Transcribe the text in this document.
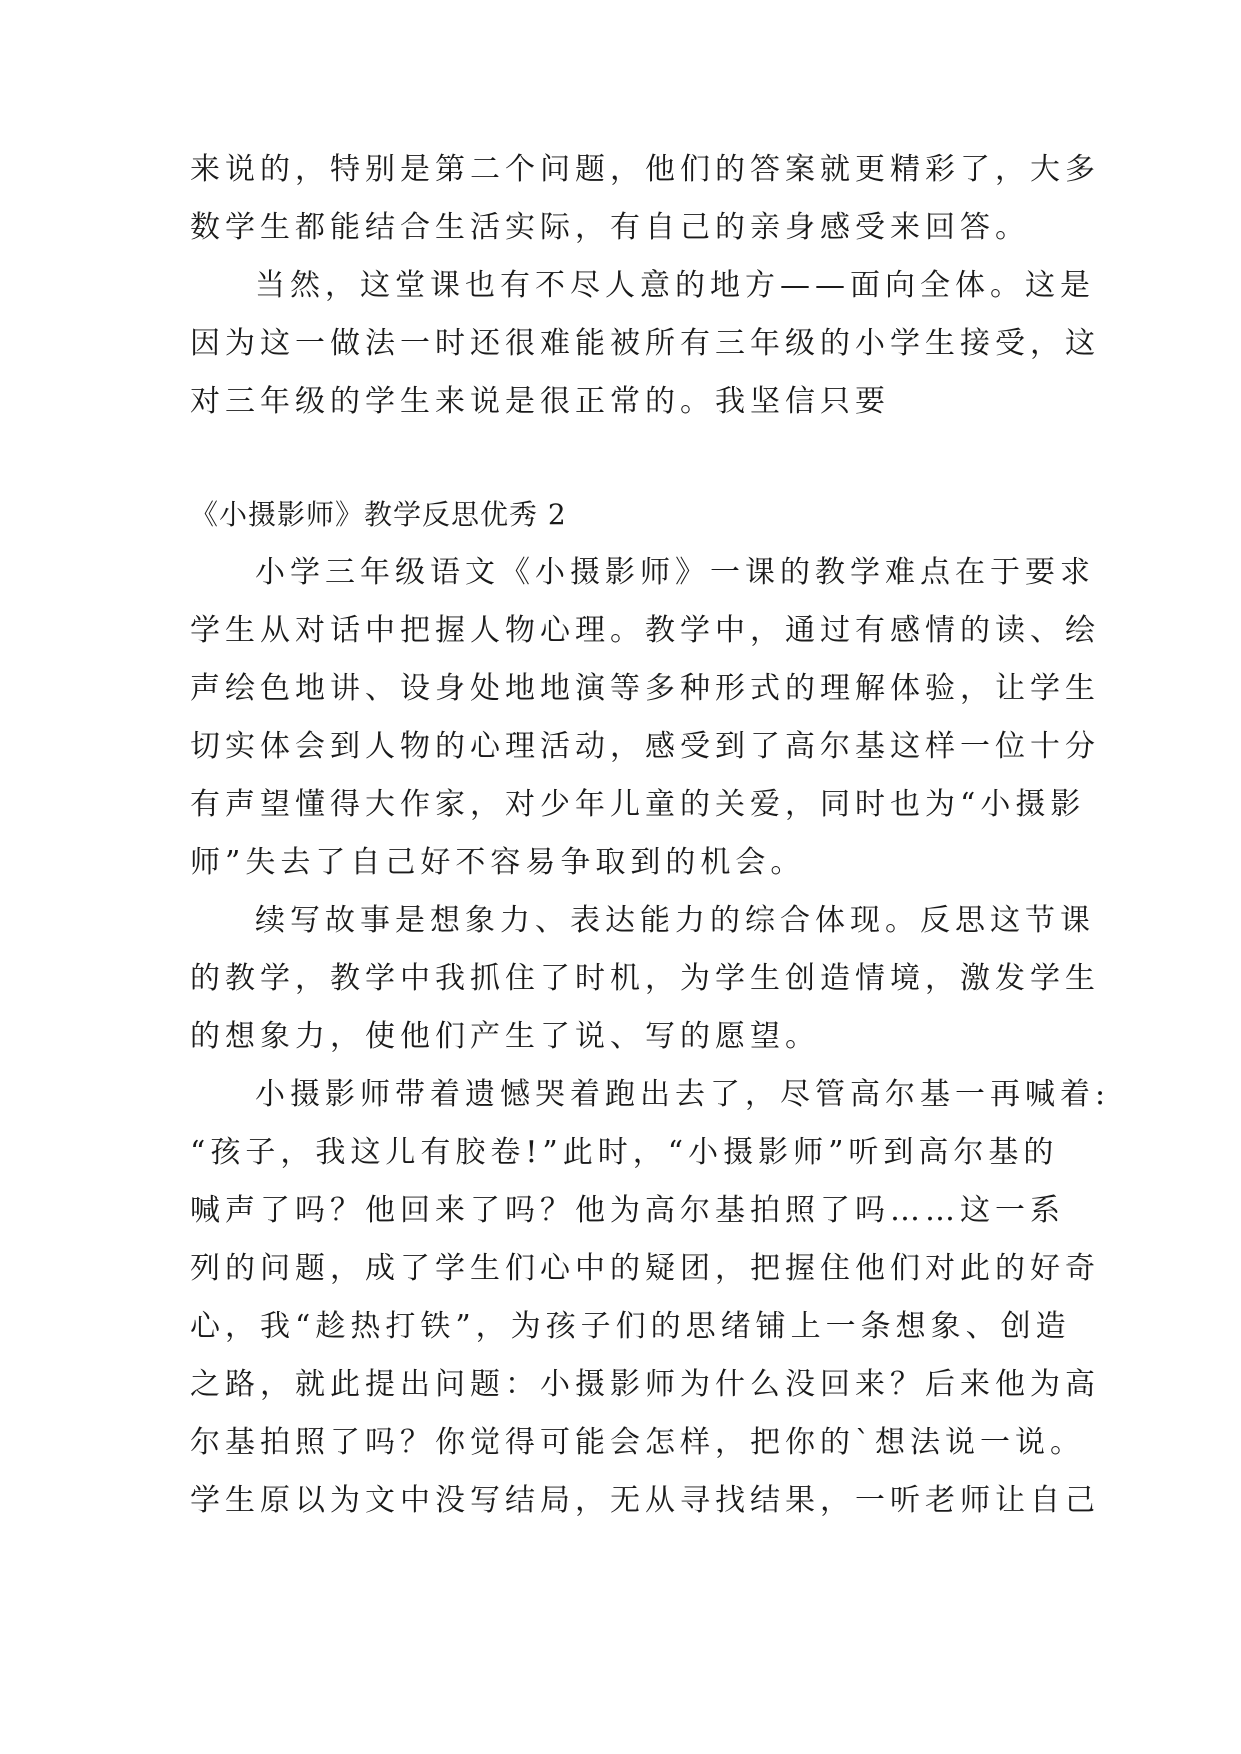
来说的，特别是第二个问题，他们的答案就更精彩了，大多
数学生都能结合生活实际，有自己的亲身感受来回答。
当然，这堂课也有不尽人意的地方——面向全体。这是
因为这一做法一时还很难能被所有三年级的小学生接受，这
对三年级的学生来说是很正常的。我坚信只要
《小摄影师》教学反思优秀 2
小学三年级语文《小摄影师》一课的教学难点在于要求
学生从对话中把握人物心理。教学中，通过有感情的读、绘
声绘色地讲、设身处地地演等多种形式的理解体验，让学生
切实体会到人物的心理活动，感受到了高尔基这样一位十分
有声望懂得大作家，对少年儿童的关爱，同时也为“小摄影
师”失去了自己好不容易争取到的机会。
续写故事是想象力、表达能力的综合体现。反思这节课
的教学，教学中我抓住了时机，为学生创造情境，激发学生
的想象力，使他们产生了说、写的愿望。
小摄影师带着遗憾哭着跑出去了，尽管高尔基一再喊着:
“孩子，我这儿有胶卷!”此时，“小摄影师”听到高尔基的
喊声了吗？他回来了吗？他为高尔基拍照了吗……这一系
列的问题，成了学生们心中的疑团，把握住他们对此的好奇
心，我“趁热打铁”，为孩子们的思绪铺上一条想象、创造
之路，就此提出问题：小摄影师为什么没回来？后来他为高
尔基拍照了吗？你觉得可能会怎样，把你的`想法说一说。
学生原以为文中没写结局，无从寻找结果，一听老师让自己
